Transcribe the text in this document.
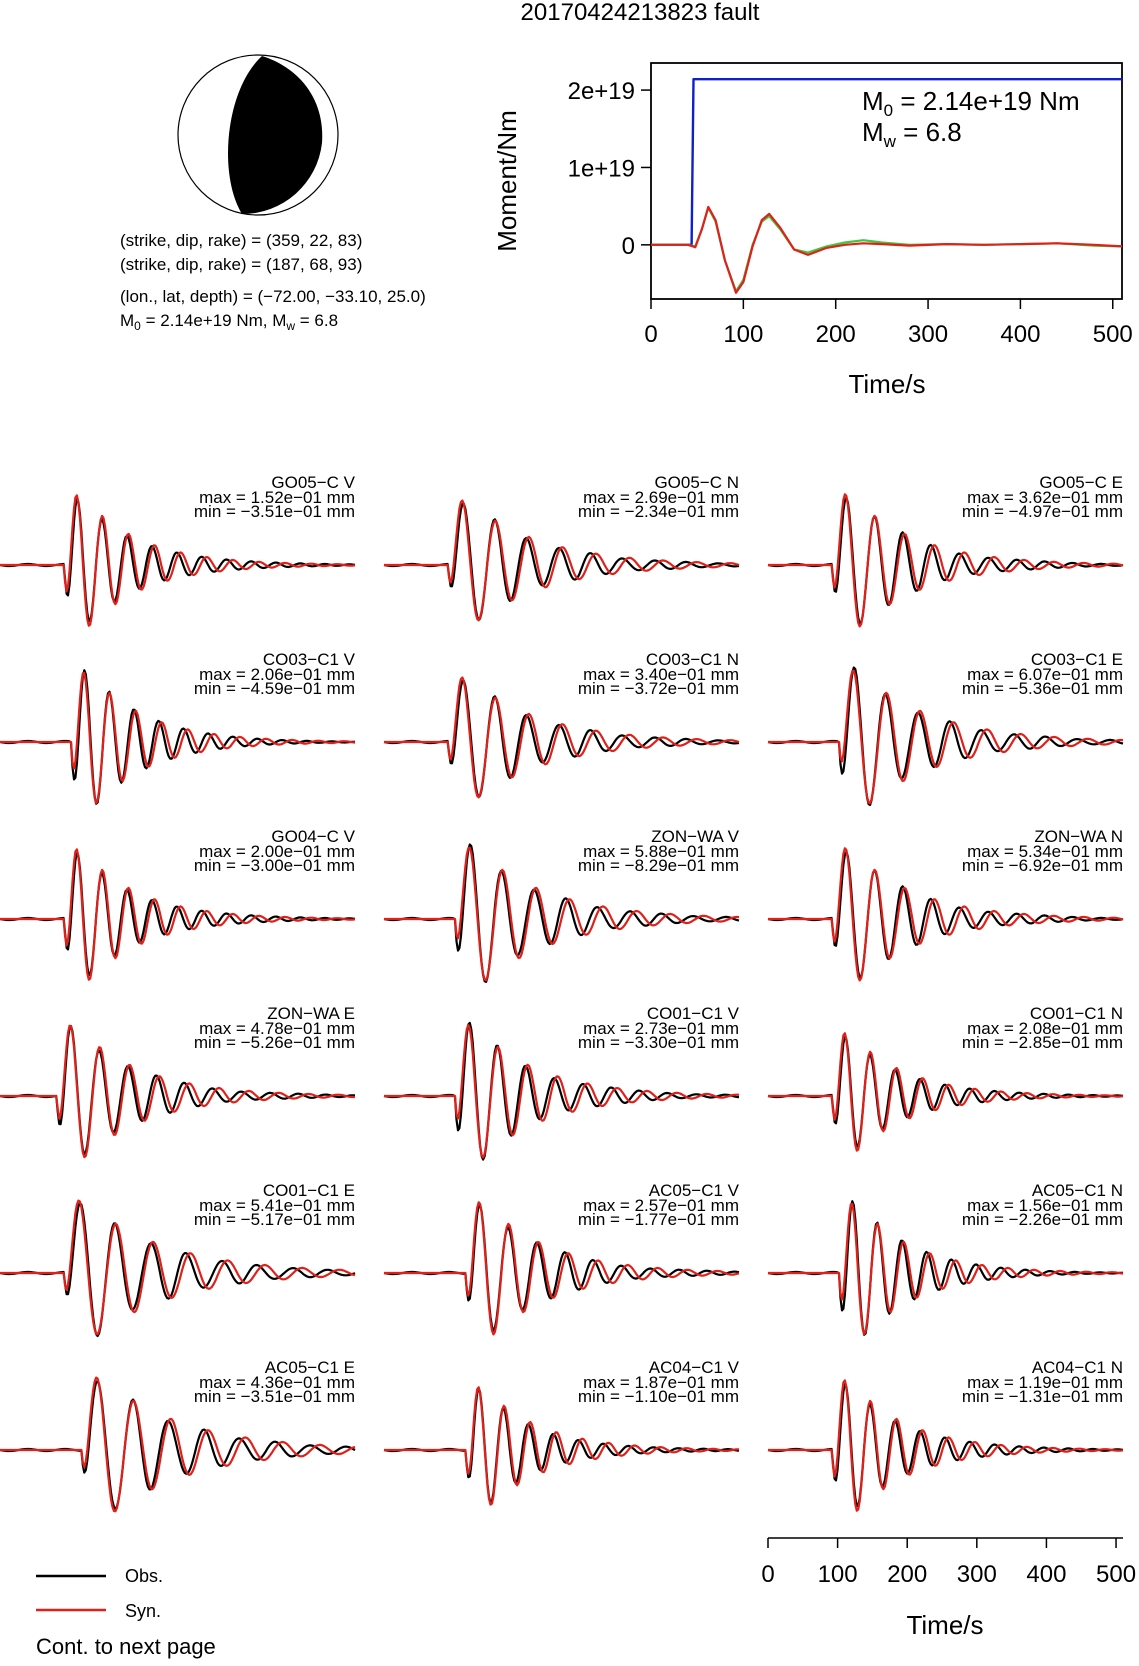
20170424213823 fault
(strike, dip, rake) = (359, 22, 83)
(strike, dip, rake) = (187, 68, 93)
(lon., lat, depth) = (−72.00, −33.10, 25.0)
$M_0 = 2.14e+19$ Nm, $M_w = 6.8$
0
1e+19
2e+19
0	100 200 300 400 500
Moment/Nm
Time/s
$M_0 = 2.14e+19$ Nm
$M_w = 6.8$
GO05−C V
max = 1.52e−01 mm
min = −3.51e−01 mm
GO05−C N
max = 2.69e−01 mm
min = −2.34e−01 mm
GO05−C E
max = 3.62e−01 mm
min = −4.97e−01 mm
CO03−C1 V
max = 2.06e−01 mm
min = −4.59e−01 mm
CO03−C1 N
max = 3.40e−01 mm
min = −3.72e−01 mm
CO03−C1 E
max = 6.07e−01 mm
min = −5.36e−01 mm
GO04−C V
max = 2.00e−01 mm
min = −3.00e−01 mm
ZON−WA V
max = 5.88e−01 mm
min = −8.29e−01 mm
ZON−WA N
max = 5.34e−01 mm
min = −6.92e−01 mm
ZON−WA E
max = 4.78e−01 mm
min = −5.26e−01 mm
CO01−C1 V
max = 2.73e−01 mm
min = −3.30e−01 mm
CO01−C1 N
max = 2.08e−01 mm
min = −2.85e−01 mm
CO01−C1 E
max = 5.41e−01 mm
min = −5.17e−01 mm
AC05−C1 V
max = 2.57e−01 mm
min = −1.77e−01 mm
AC05−C1 N
max = 1.56e−01 mm
min = −2.26e−01 mm
AC05−C1 E
max = 4.36e−01 mm
min = −3.51e−01 mm
AC04−C1 V
max = 1.87e−01 mm
min = −1.10e−01 mm
AC04−C1 N
max = 1.19e−01 mm
min = −1.31e−01 mm
0 100 200 300 400 500
Time/s
Obs.
Syn.
Cont. to next page
